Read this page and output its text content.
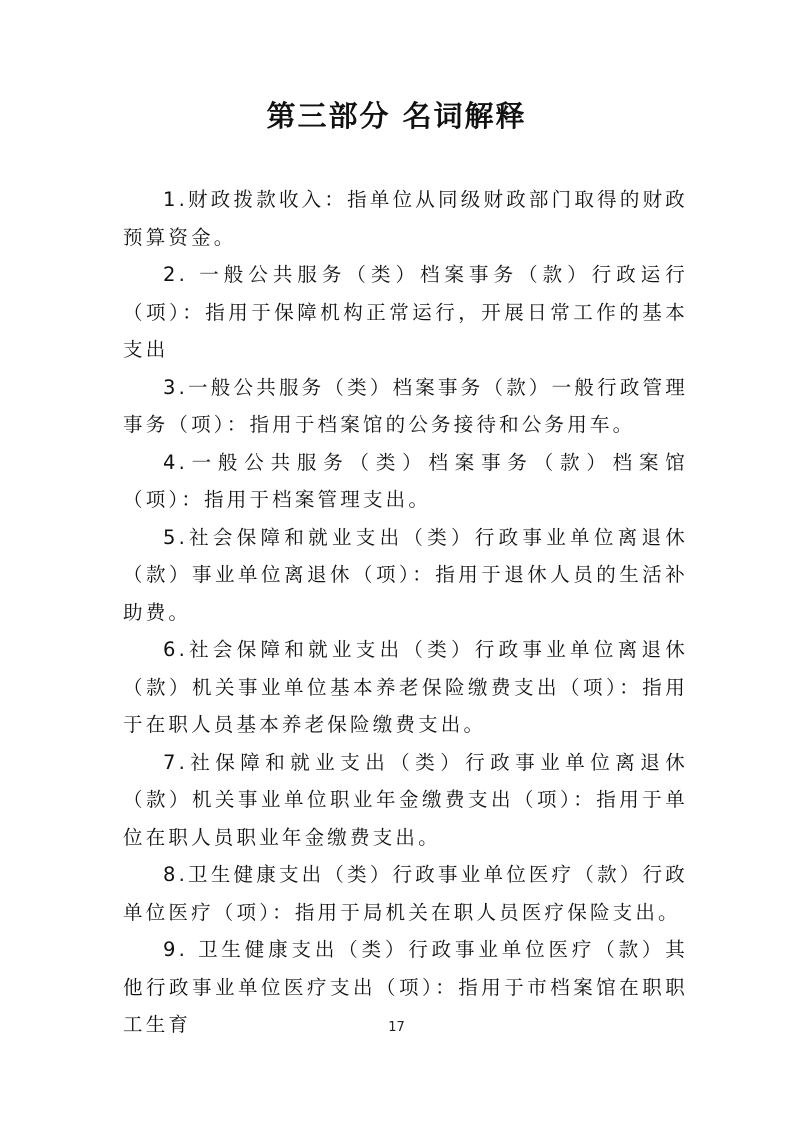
第三部分 名词解释

1.财政拨款收入：指单位从同级财政部门取得的财政预算资金。

2. 一般公共服务（类）档案事务（款）行政运行（项）：指用于保障机构正常运行，开展日常工作的基本支出

3.一般公共服务（类）档案事务（款）一般行政管理事务（项）：指用于档案馆的公务接待和公务用车。

4.一般公共服务（类）档案事务（款）档案馆（项）：指用于档案管理支出。

5.社会保障和就业支出（类）行政事业单位离退休（款）事业单位离退休（项）：指用于退休人员的生活补助费。

6.社会保障和就业支出（类）行政事业单位离退休（款）机关事业单位基本养老保险缴费支出（项）：指用于在职人员基本养老保险缴费支出。

7.社保障和就业支出（类）行政事业单位离退休（款）机关事业单位职业年金缴费支出（项）：指用于单位在职人员职业年金缴费支出。

8.卫生健康支出（类）行政事业单位医疗（款）行政单位医疗（项）：指用于局机关在职人员医疗保险支出。

9. 卫生健康支出（类）行政事业单位医疗（款）其他行政事业单位医疗支出（项）：指用于市档案馆在职职工生育	17
